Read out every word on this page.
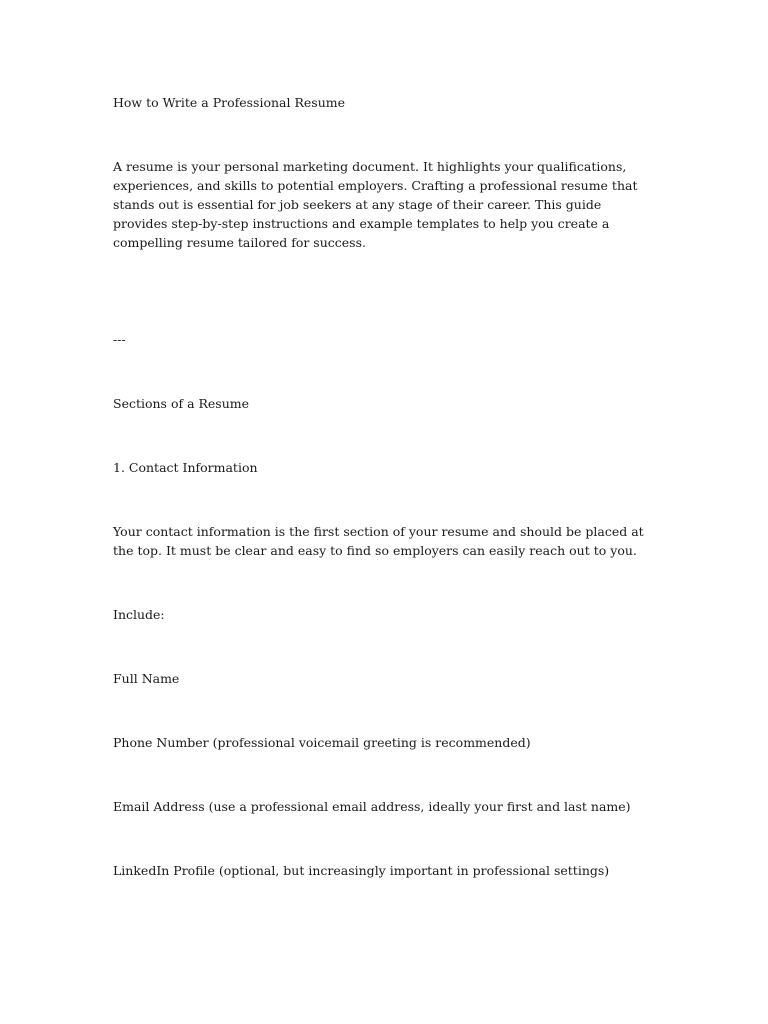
How to Write a Professional Resume

A resume is your personal marketing document. It highlights your qualifications, experiences, and skills to potential employers. Crafting a professional resume that stands out is essential for job seekers at any stage of their career. This guide provides step-by-step instructions and example templates to help you create a compelling resume tailored for success.

---

Sections of a Resume

1. Contact Information

Your contact information is the first section of your resume and should be placed at the top. It must be clear and easy to find so employers can easily reach out to you.

Include:

Full Name

Phone Number (professional voicemail greeting is recommended)

Email Address (use a professional email address, ideally your first and last name)

LinkedIn Profile (optional, but increasingly important in professional settings)
